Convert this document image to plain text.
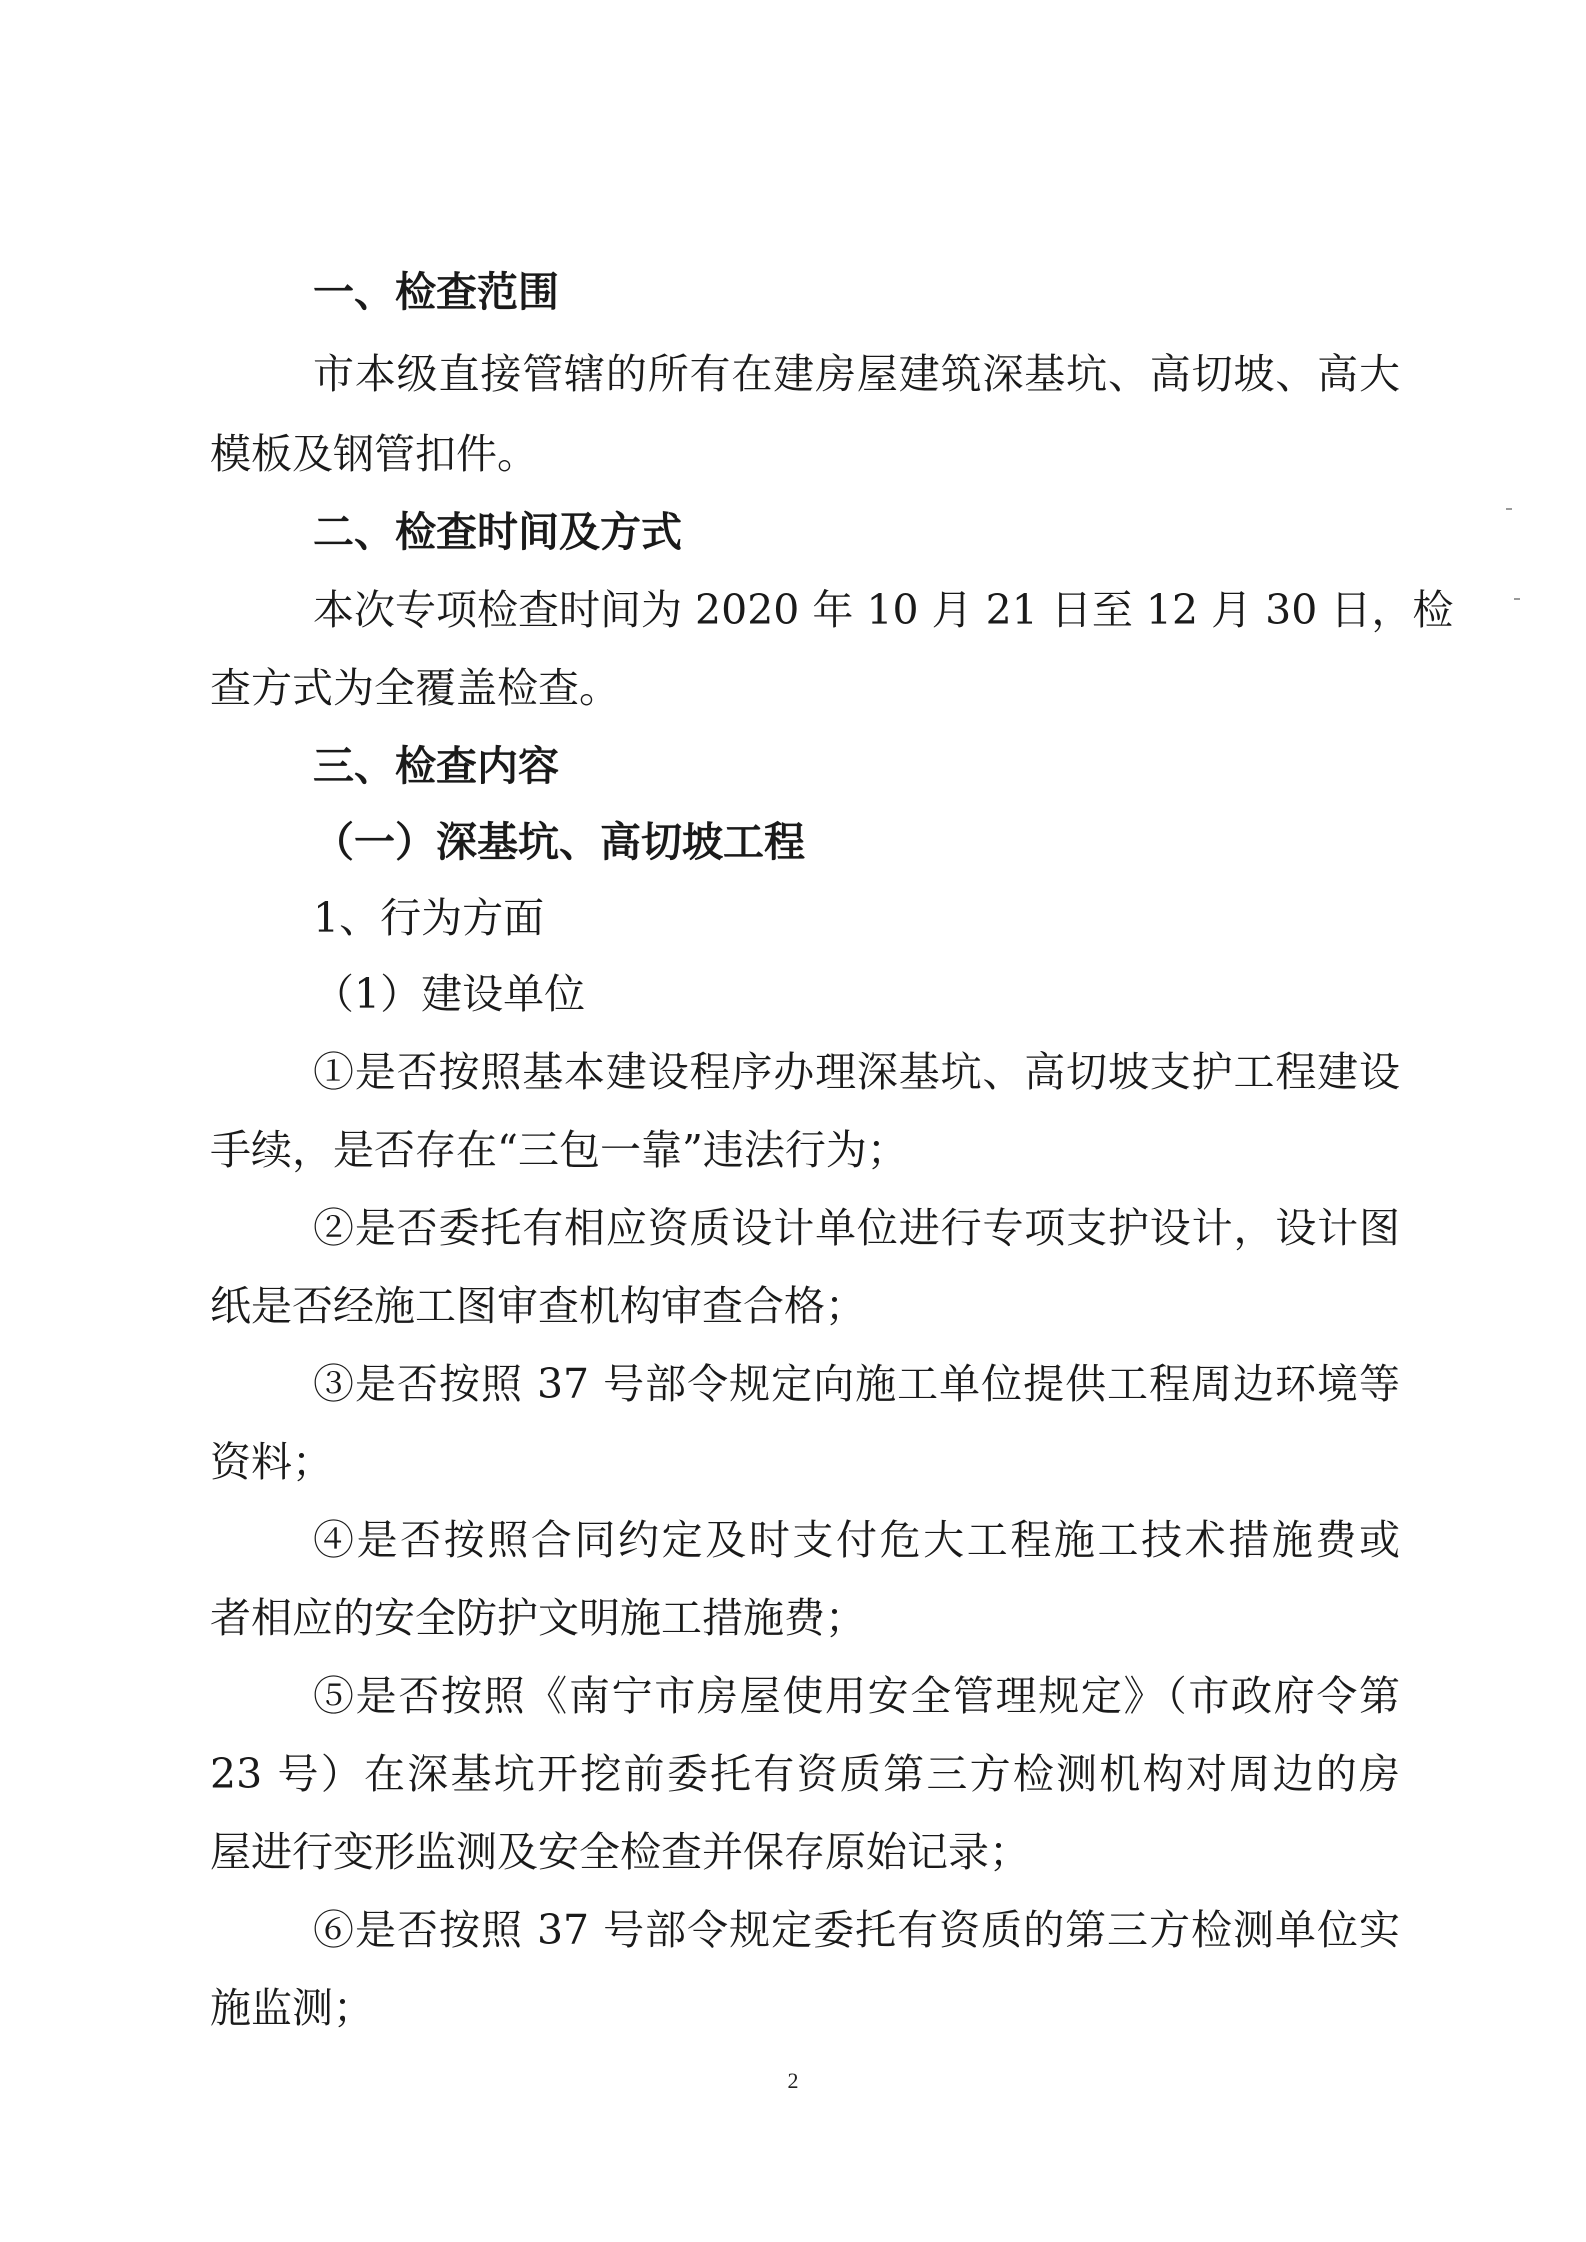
一、检查范围
市本级直接管辖的所有在建房屋建筑深基坑、高切坡、高大
模板及钢管扣件。
二、检查时间及方式
本次专项检查时间为 2020 年 10 月 21 日至 12 月 30 日，检
查方式为全覆盖检查。
三、检查内容
（一）深基坑、高切坡工程
1、行为方面
（1）建设单位
①是否按照基本建设程序办理深基坑、高切坡支护工程建设
手续，是否存在“三包一靠”违法行为；
②是否委托有相应资质设计单位进行专项支护设计，设计图
纸是否经施工图审查机构审查合格；
③是否按照 37 号部令规定向施工单位提供工程周边环境等
资料；
④是否按照合同约定及时支付危大工程施工技术措施费或
者相应的安全防护文明施工措施费；
⑤是否按照《南宁市房屋使用安全管理规定》（市政府令第
23 号）在深基坑开挖前委托有资质第三方检测机构对周边的房
屋进行变形监测及安全检查并保存原始记录；
⑥是否按照 37 号部令规定委托有资质的第三方检测单位实
施监测；
2
